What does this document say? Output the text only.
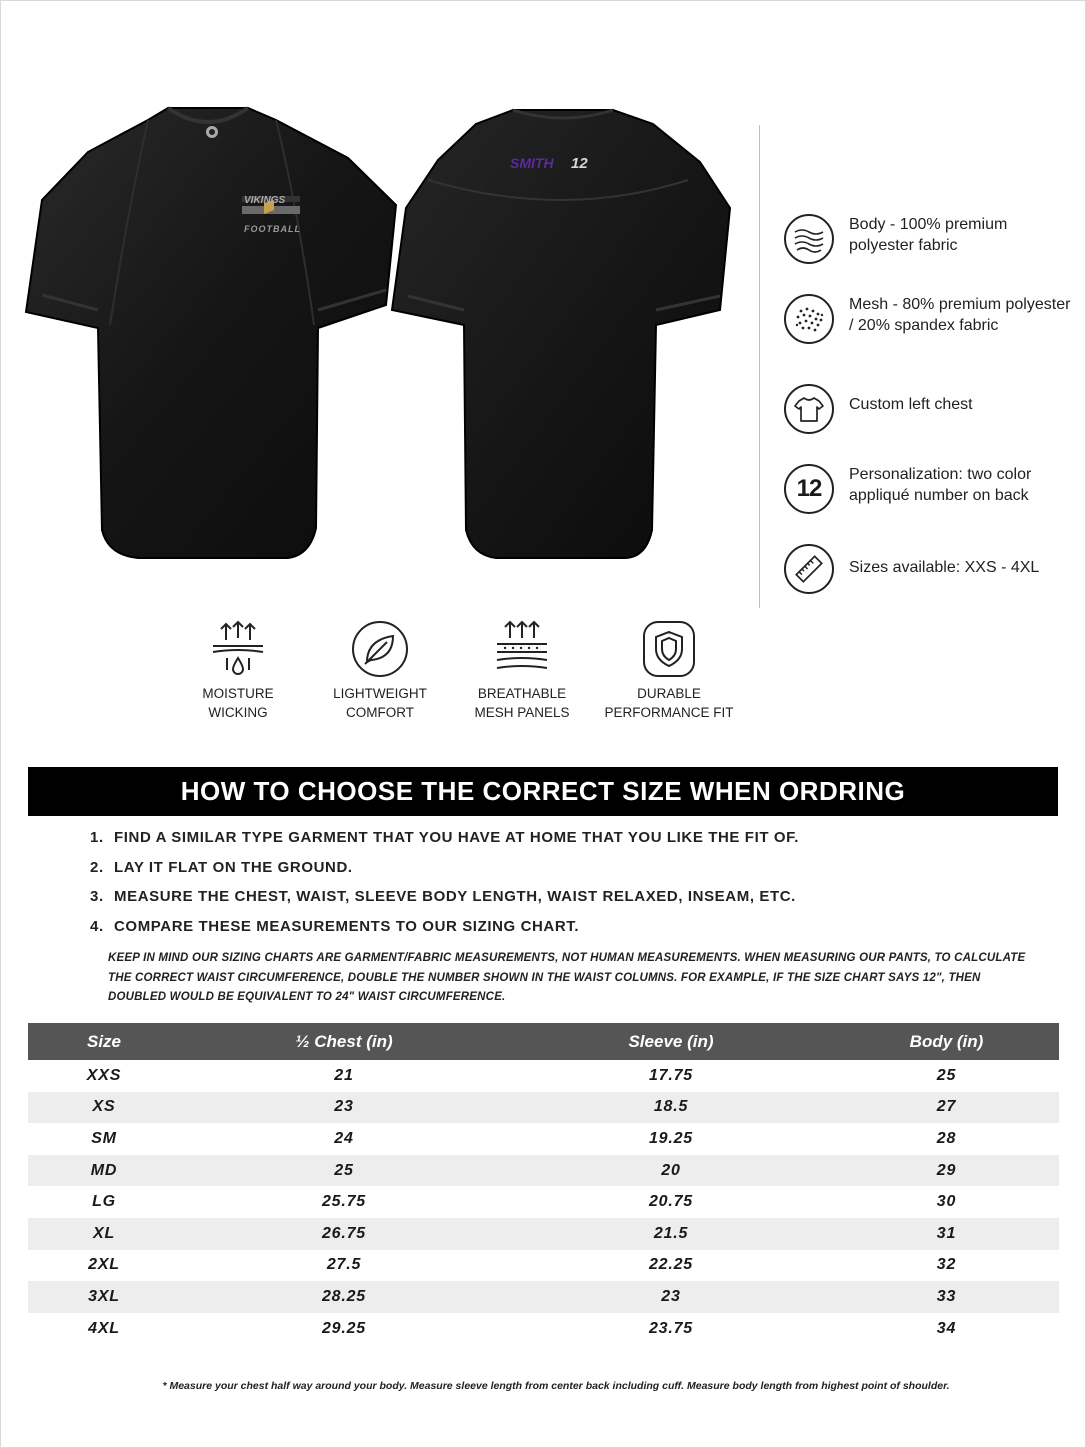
VIKINGS
FOOTBALL
SMITH 12
Body - 100% premium polyester fabric
Mesh - 80% premium polyester / 20% spandex fabric
Custom left chest
12
Personalization: two color appliqué number on back
Sizes available: XXS - 4XL
MOISTURE
WICKING
LIGHTWEIGHT
COMFORT
BREATHABLE
MESH PANELS
DURABLE
PERFORMANCE FIT
HOW TO CHOOSE THE CORRECT SIZE WHEN ORDRING
1. FIND A SIMILAR TYPE GARMENT THAT YOU HAVE AT HOME THAT YOU LIKE THE FIT OF.
2. LAY IT FLAT ON THE GROUND.
3. MEASURE THE CHEST, WAIST, SLEEVE BODY LENGTH, WAIST RELAXED, INSEAM, ETC.
4. COMPARE THESE MEASUREMENTS TO OUR SIZING CHART.
KEEP IN MIND OUR SIZING CHARTS ARE GARMENT/FABRIC MEASUREMENTS, NOT HUMAN MEASUREMENTS. WHEN MEASURING OUR PANTS, TO CALCULATE THE CORRECT WAIST CIRCUMFERENCE, DOUBLE THE NUMBER SHOWN IN THE WAIST COLUMNS. FOR EXAMPLE, IF THE SIZE CHART SAYS 12", THEN DOUBLED WOULD BE EQUIVALENT TO 24" WAIST CIRCUMFERENCE.
Size	½ Chest (in)	Sleeve (in)	Body (in)
XXS	21	17.75	25
XS	23	18.5	27
SM	24	19.25	28
MD	25	20	29
LG	25.75	20.75	30
XL	26.75	21.5	31
2XL	27.5	22.25	32
3XL	28.25	23	33
4XL	29.25	23.75	34
* Measure your chest half way around your body. Measure sleeve length from center back including cuff. Measure body length from highest point of shoulder.
